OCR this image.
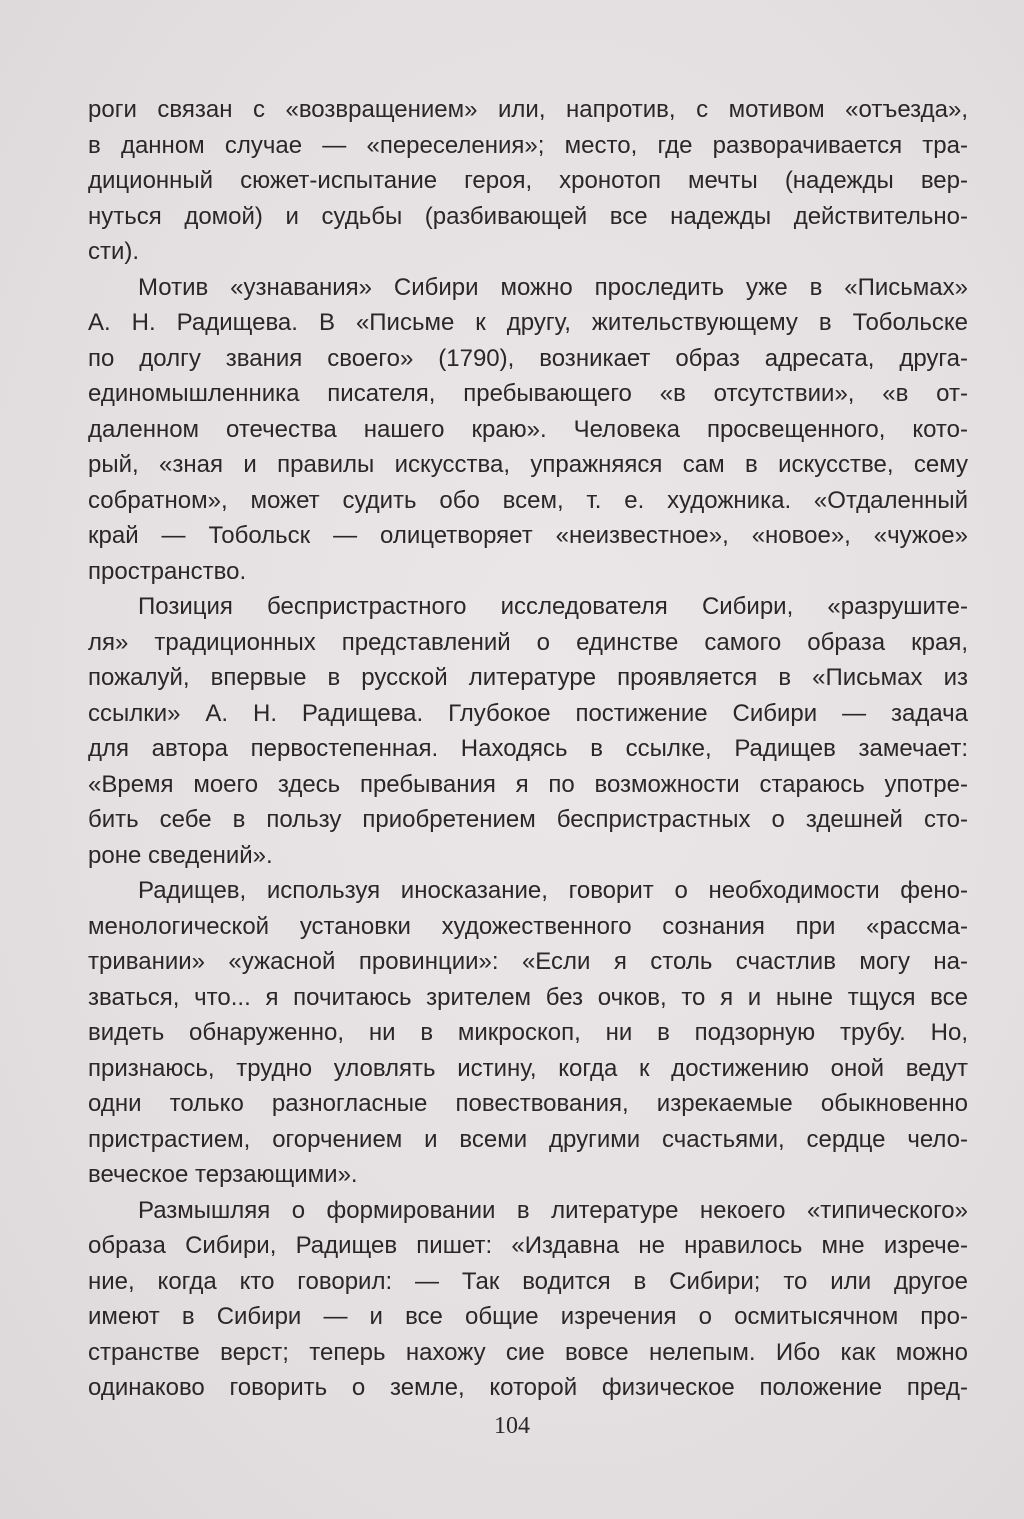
роги связан с «возвращением» или, напротив, с мотивом «отъезда»,
в данном случае — «переселения»; место, где разворачивается тра-
диционный сюжет-испытание героя, хронотоп мечты (надежды вер-
нуться домой) и судьбы (разбивающей все надежды действительно-
сти).
Мотив «узнавания» Сибири можно проследить уже в «Письмах»
А. Н. Радищева. В «Письме к другу, жительствующему в Тобольске
по долгу звания своего» (1790), возникает образ адресата, друга-
единомышленника писателя, пребывающего «в отсутствии», «в от-
даленном отечества нашего краю». Человека просвещенного, кото-
рый, «зная и правилы искусства, упражняяся сам в искусстве, сему
собратном», может судить обо всем, т. е. художника. «Отдаленный
край — Тобольск — олицетворяет «неизвестное», «новое», «чужое»
пространство.
Позиция беспристрастного исследователя Сибири, «разрушите-
ля» традиционных представлений о единстве самого образа края,
пожалуй, впервые в русской литературе проявляется в «Письмах из
ссылки» А. Н. Радищева. Глубокое постижение Сибири — задача
для автора первостепенная. Находясь в ссылке, Радищев замечает:
«Время моего здесь пребывания я по возможности стараюсь употре-
бить себе в пользу приобретением беспристрастных о здешней сто-
роне сведений».
Радищев, используя иносказание, говорит о необходимости фено-
менологической установки художественного сознания при «рассма-
тривании» «ужасной провинции»: «Если я столь счастлив могу на-
зваться, что... я почитаюсь зрителем без очков, то я и ныне тщуся все
видеть обнаруженно, ни в микроскоп, ни в подзорную трубу. Но,
признаюсь, трудно уловлять истину, когда к достижению оной ведут
одни только разногласные повествования, изрекаемые обыкновенно
пристрастием, огорчением и всеми другими счастьями, сердце чело-
веческое терзающими».
Размышляя о формировании в литературе некоего «типического»
образа Сибири, Радищев пишет: «Издавна не нравилось мне изрече-
ние, когда кто говорил: — Так водится в Сибири; то или другое
имеют в Сибири — и все общие изречения о осмитысячном про-
странстве верст; теперь нахожу сие вовсе нелепым. Ибо как можно
одинаково говорить о земле, которой физическое положение пред-
104
